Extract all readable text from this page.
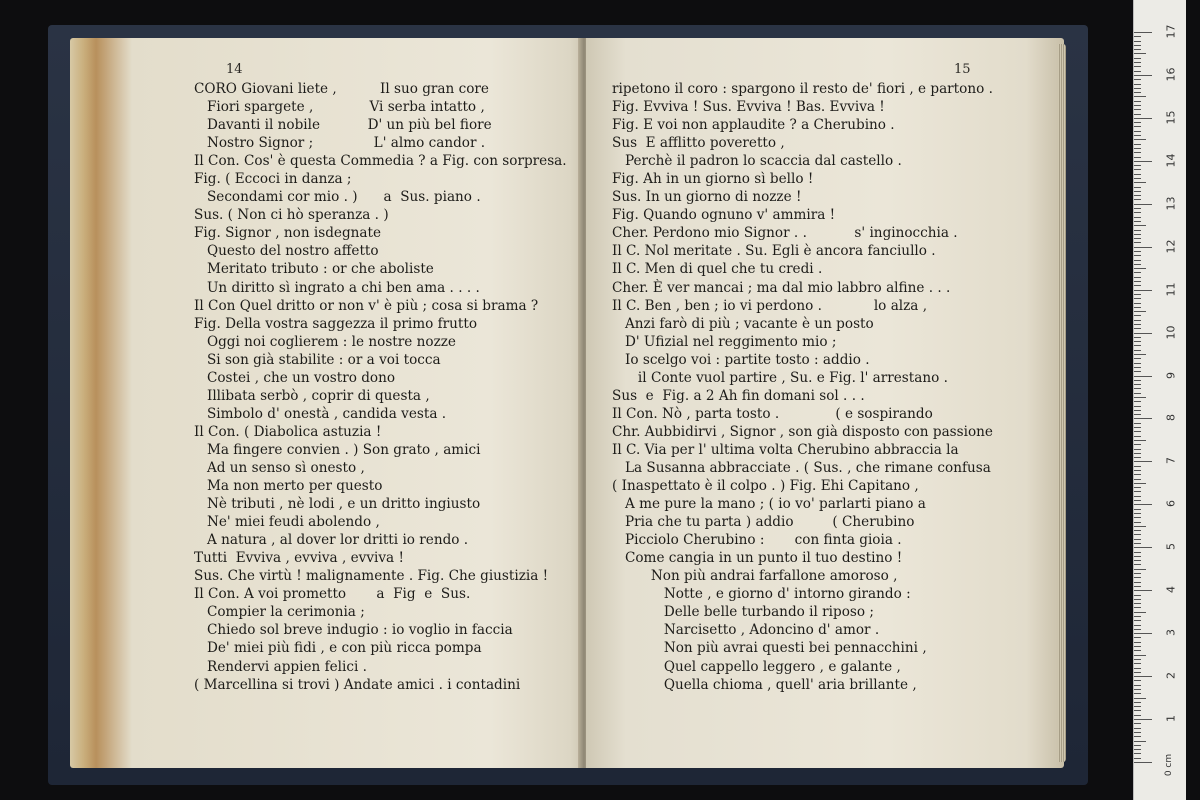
14
CORO Giovani liete ,          Il suo gran core
Fiori spargete ,             Vi serba intatto ,
Davanti il nobile           D' un più bel fiore
Nostro Signor ;              L' almo candor .
Il Con. Cos' è questa Commedia ? a Fig. con sorpresa.
Fig. ( Eccoci in danza ;
Secondami cor mio . )      a  Sus. piano .
Sus. ( Non ci hò speranza . )
Fig. Signor , non isdegnate
Questo del nostro affetto
Meritato tributo : or che aboliste
Un diritto sì ingrato a chi ben ama . . . .
Il Con Quel dritto or non v' è più ; cosa si brama ?
Fig. Della vostra saggezza il primo frutto
Oggi noi coglierem : le nostre nozze
Si son già stabilite : or a voi tocca
Costei , che un vostro dono
Illibata serbò , coprir di questa ,
Simbolo d' onestà , candida vesta .
Il Con. ( Diabolica astuzia !
Ma fingere convien . ) Son grato , amici
Ad un senso sì onesto ,
Ma non merto per questo
Nè tributi , nè lodi , e un dritto ingiusto
Ne' miei feudi abolendo ,
A natura , al dover lor dritti io rendo .
Tutti  Evviva , evviva , evviva !
Sus. Che virtù ! malignamente . Fig. Che giustizia !
Il Con. A voi prometto       a  Fig  e  Sus.
Compier la cerimonia ;
Chiedo sol breve indugio : io voglio in faccia
De' miei più fidi , e con più ricca pompa
Rendervi appien felici .
( Marcellina si trovi ) Andate amici . i contadini
15
ripetono il coro : spargono il resto de' fiori , e partono .
Fig. Evviva ! Sus. Evviva ! Bas. Evviva !
Fig. E voi non applaudite ? a Cherubino .
Sus  E afflitto poveretto ,
Perchè il padron lo scaccia dal castello .
Fig. Ah in un giorno sì bello !
Sus. In un giorno di nozze !
Fig. Quando ognuno v' ammira !
Cher. Perdono mio Signor . .           s' inginocchia .
Il C. Nol meritate . Su. Egli è ancora fanciullo .
Il C. Men di quel che tu credi .
Cher. È ver mancai ; ma dal mio labbro alfine . . .
Il C. Ben , ben ; io vi perdono .            lo alza ,
Anzi farò di più ; vacante è un posto
D' Ufizial nel reggimento mio ;
Io scelgo voi : partite tosto : addio .
il Conte vuol partire , Su. e Fig. l' arrestano .
Sus  e  Fig. a 2 Ah fin domani sol . . .
Il Con. Nò , parta tosto .             ( e sospirando
Chr. Aubbidirvi , Signor , son già disposto con passione
Il C. Via per l' ultima volta Cherubino abbraccia la
La Susanna abbracciate . ( Sus. , che rimane confusa
( Inaspettato è il colpo . ) Fig. Ehi Capitano ,
A me pure la mano ; ( io vo' parlarti piano a
Pria che tu parta ) addio         ( Cherubino
Picciolo Cherubino :       con finta gioia .
Come cangia in un punto il tuo destino !
Non più andrai farfallone amoroso ,
Notte , e giorno d' intorno girando :
Delle belle turbando il riposo ;
Narcisetto , Adoncino d' amor .
Non più avrai questi bei pennacchini ,
Quel cappello leggero , e galante ,
Quella chioma , quell' aria brillante ,
0 cm
17
16
15
14
13
12
11
10
9
8
7
6
5
4
3
2
1
